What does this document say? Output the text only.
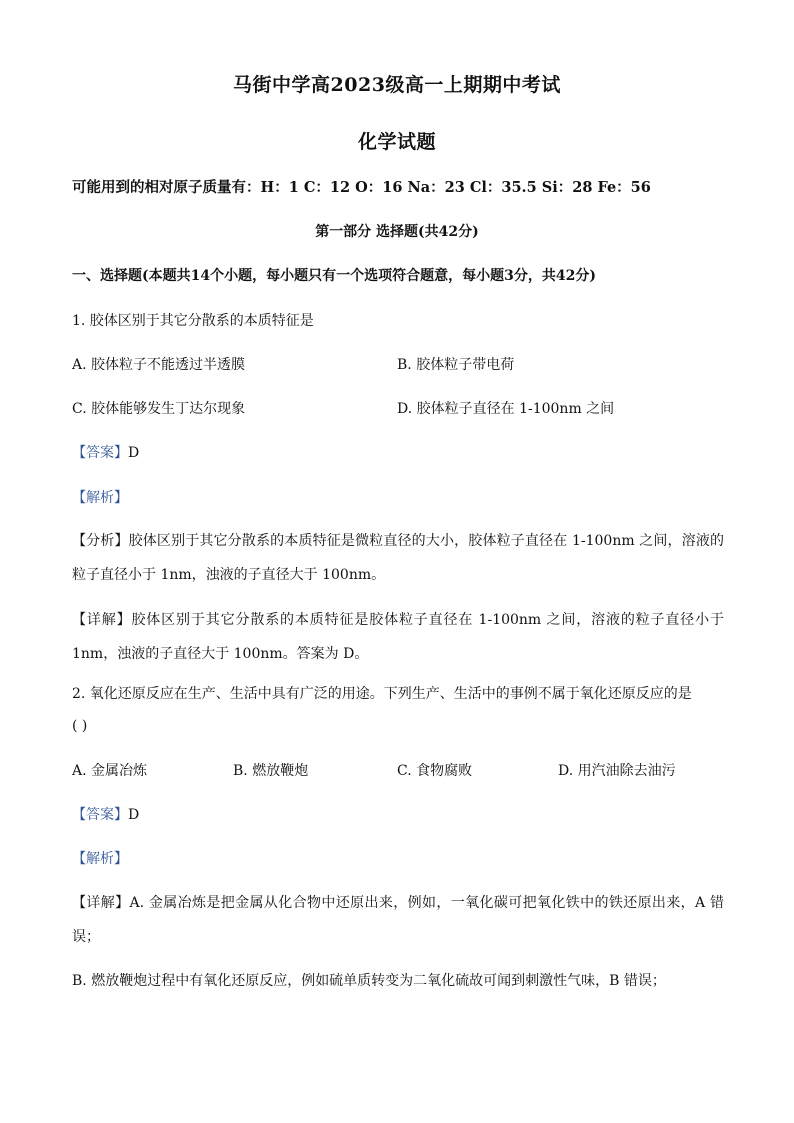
马街中学高2023级高一上期期中考试
化学试题
可能用到的相对原子质量有：H：1 C：12 O：16 Na：23 Cl：35.5 Si：28 Fe：56
第一部分 选择题(共42分)
一、选择题(本题共14个小题，每小题只有一个选项符合题意，每小题3分，共42分)
1. 胶体区别于其它分散系的本质特征是
A. 胶体粒子不能透过半透膜	B. 胶体粒子带电荷
C. 胶体能够发生丁达尔现象	D. 胶体粒子直径在 1-100nm 之间
【答案】D
【解析】
【分析】胶体区别于其它分散系的本质特征是微粒直径的大小，胶体粒子直径在 1-100nm 之间，溶液的粒子直径小于 1nm，浊液的子直径大于 100nm。
【详解】胶体区别于其它分散系的本质特征是胶体粒子直径在 1-100nm 之间，溶液的粒子直径小于 1nm，浊液的子直径大于 100nm。答案为 D。
2. 氧化还原反应在生产、生活中具有广泛的用途。下列生产、生活中的事例不属于氧化还原反应的是
( )
A. 金属冶炼	B. 燃放鞭炮	C. 食物腐败	D. 用汽油除去油污
【答案】D
【解析】
【详解】A. 金属冶炼是把金属从化合物中还原出来，例如，一氧化碳可把氧化铁中的铁还原出来，A 错误；
B. 燃放鞭炮过程中有氧化还原反应，例如硫单质转变为二氧化硫故可闻到刺激性气味，B 错误；
